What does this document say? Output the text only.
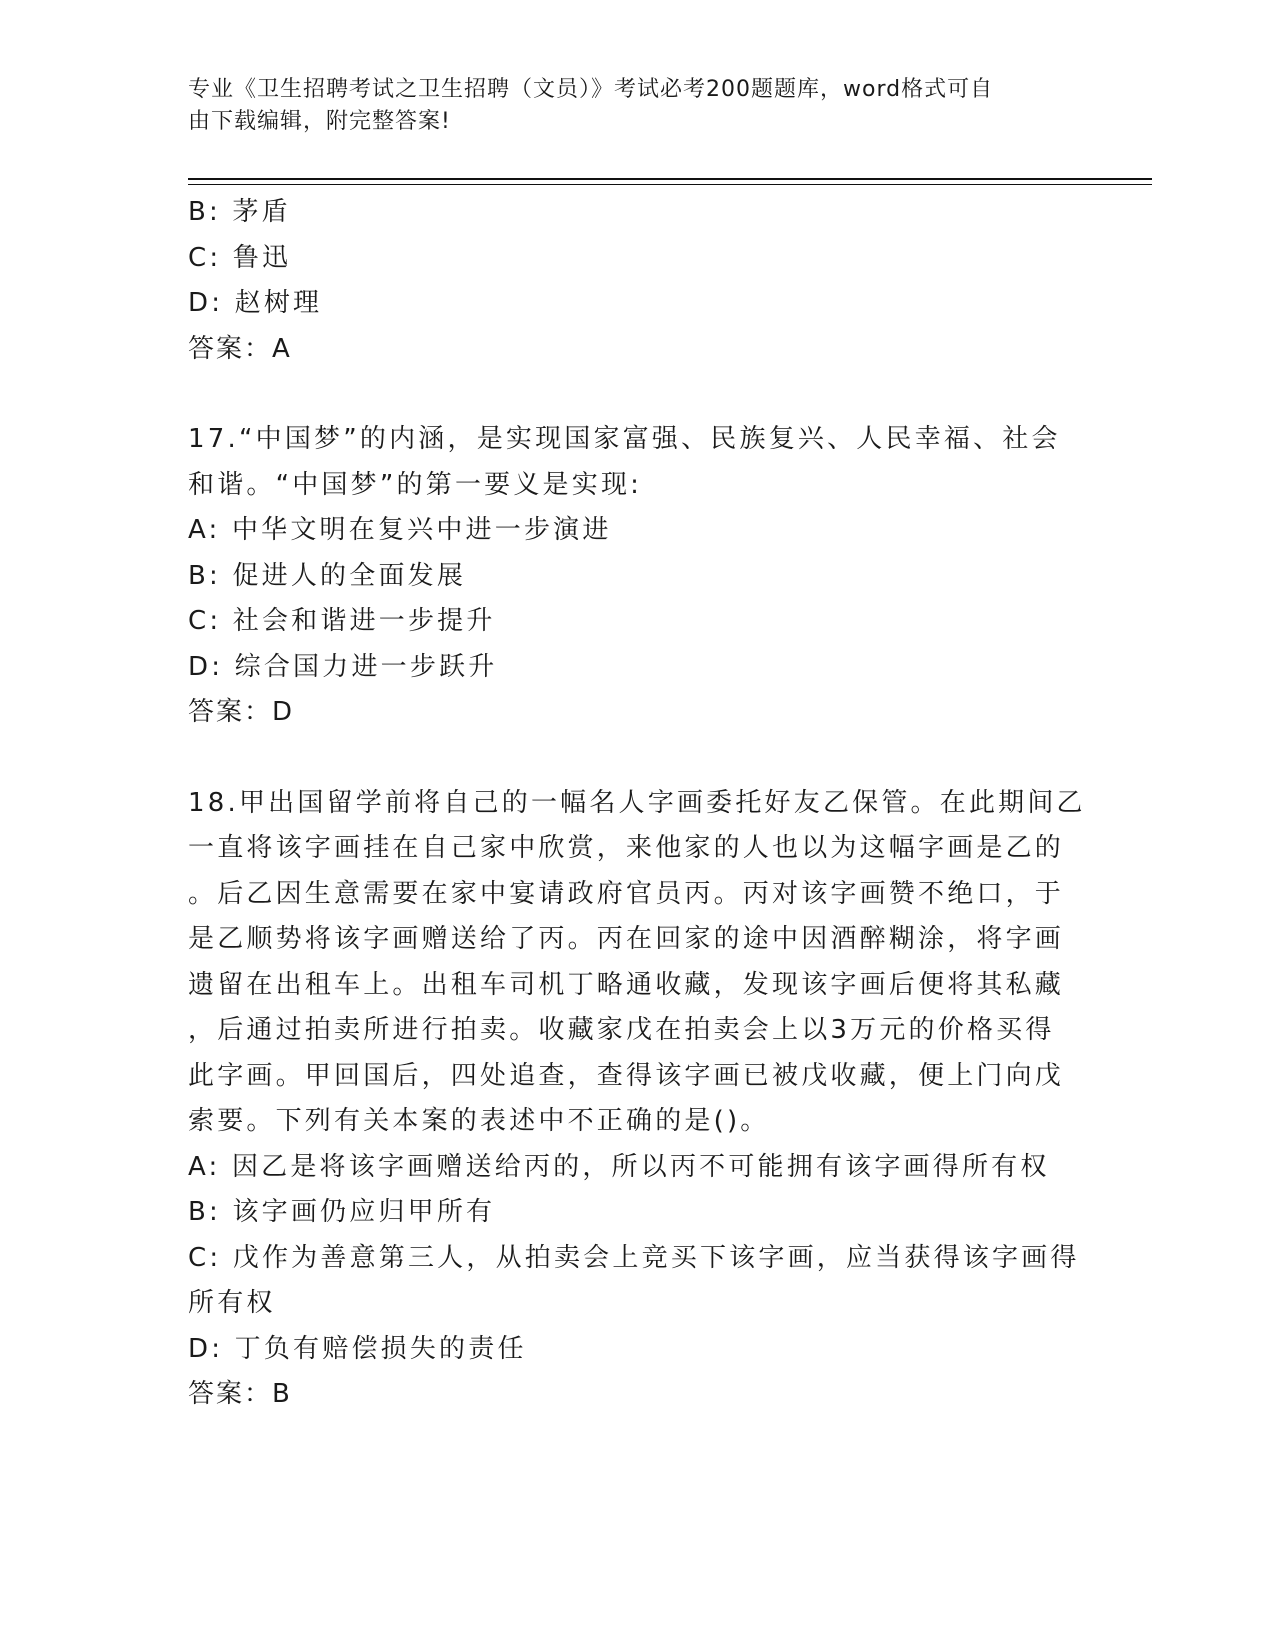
专业《卫生招聘考试之卫生招聘（文员）》考试必考200题题库，word格式可自
由下载编辑，附完整答案!

B: 茅盾

C: 鲁迅

D: 赵树理

答案：A

17.“中国梦”的内涵，是实现国家富强、民族复兴、人民幸福、社会

和谐。“中国梦”的第一要义是实现:

A: 中华文明在复兴中进一步演进

B: 促进人的全面发展

C: 社会和谐进一步提升

D: 综合国力进一步跃升

答案：D

18.甲出国留学前将自己的一幅名人字画委托好友乙保管。在此期间乙

一直将该字画挂在自己家中欣赏，来他家的人也以为这幅字画是乙的

。后乙因生意需要在家中宴请政府官员丙。丙对该字画赞不绝口，于

是乙顺势将该字画赠送给了丙。丙在回家的途中因酒醉糊涂，将字画

遗留在出租车上。出租车司机丁略通收藏，发现该字画后便将其私藏

，后通过拍卖所进行拍卖。收藏家戊在拍卖会上以3万元的价格买得

此字画。甲回国后，四处追查，查得该字画已被戊收藏，便上门向戊

索要。下列有关本案的表述中不正确的是()。

A: 因乙是将该字画赠送给丙的，所以丙不可能拥有该字画得所有权

B: 该字画仍应归甲所有

C: 戊作为善意第三人，从拍卖会上竞买下该字画，应当获得该字画得

所有权

D: 丁负有赔偿损失的责任

答案：B
